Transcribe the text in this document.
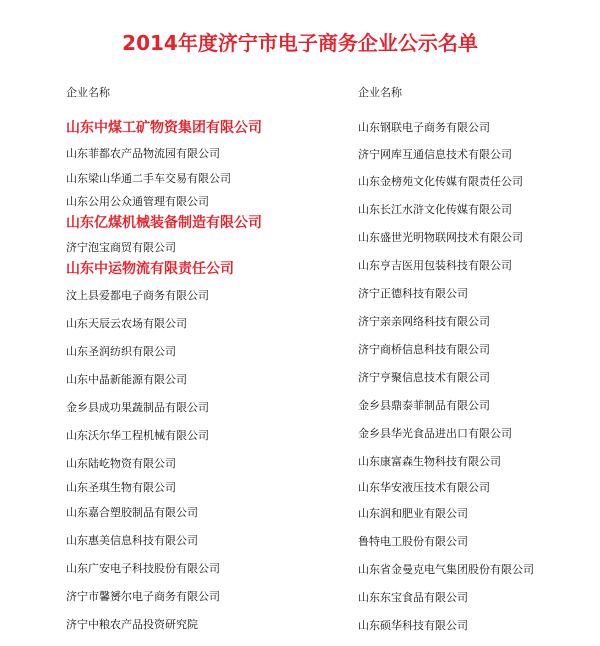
2014年度济宁市电子商务企业公示名单
企业名称	企业名称
山东中煤工矿物资集团有限公司
山东菲都农产品物流园有限公司
山东梁山华通二手车交易有限公司
山东公用公众通管理有限公司
山东亿煤机械装备制造有限公司
济宁泡宝商贸有限公司
山东中运物流有限责任公司
汶上县爱都电子商务有限公司
山东天辰云农场有限公司
山东圣润纺织有限公司
山东中晶新能源有限公司
金乡县成功果蔬制品有限公司
山东沃尔华工程机械有限公司
山东陆屹物资有限公司
山东圣琪生物有限公司
山东嘉合塑胶制品有限公司
山东惠美信息科技有限公司
山东广安电子科技股份有限公司
济宁市馨赟尔电子商务有限公司
济宁中粮农产品投资研究院
山东钢联电子商务有限公司
济宁网库互通信息技术有限公司
山东金榜苑文化传媒有限责任公司
山东长江水浒文化传媒有限公司
山东盛世光明物联网技术有限公司
山东亨吉医用包装科技有限公司
济宁正德科技有限公司
济宁亲亲网络科技有限公司
济宁商桥信息科技有限公司
济宁亨聚信息技术有限公司
金乡县鼎泰菲制品有限公司
金乡县华光食品进出口有限公司
山东康富森生物科技有限公司
山东华安液压技术有限公司
山东润和肥业有限公司
鲁特电工股份有限公司
山东省金曼克电气集团股份有限公司
山东东宝食品有限公司
山东硕华科技有限公司
